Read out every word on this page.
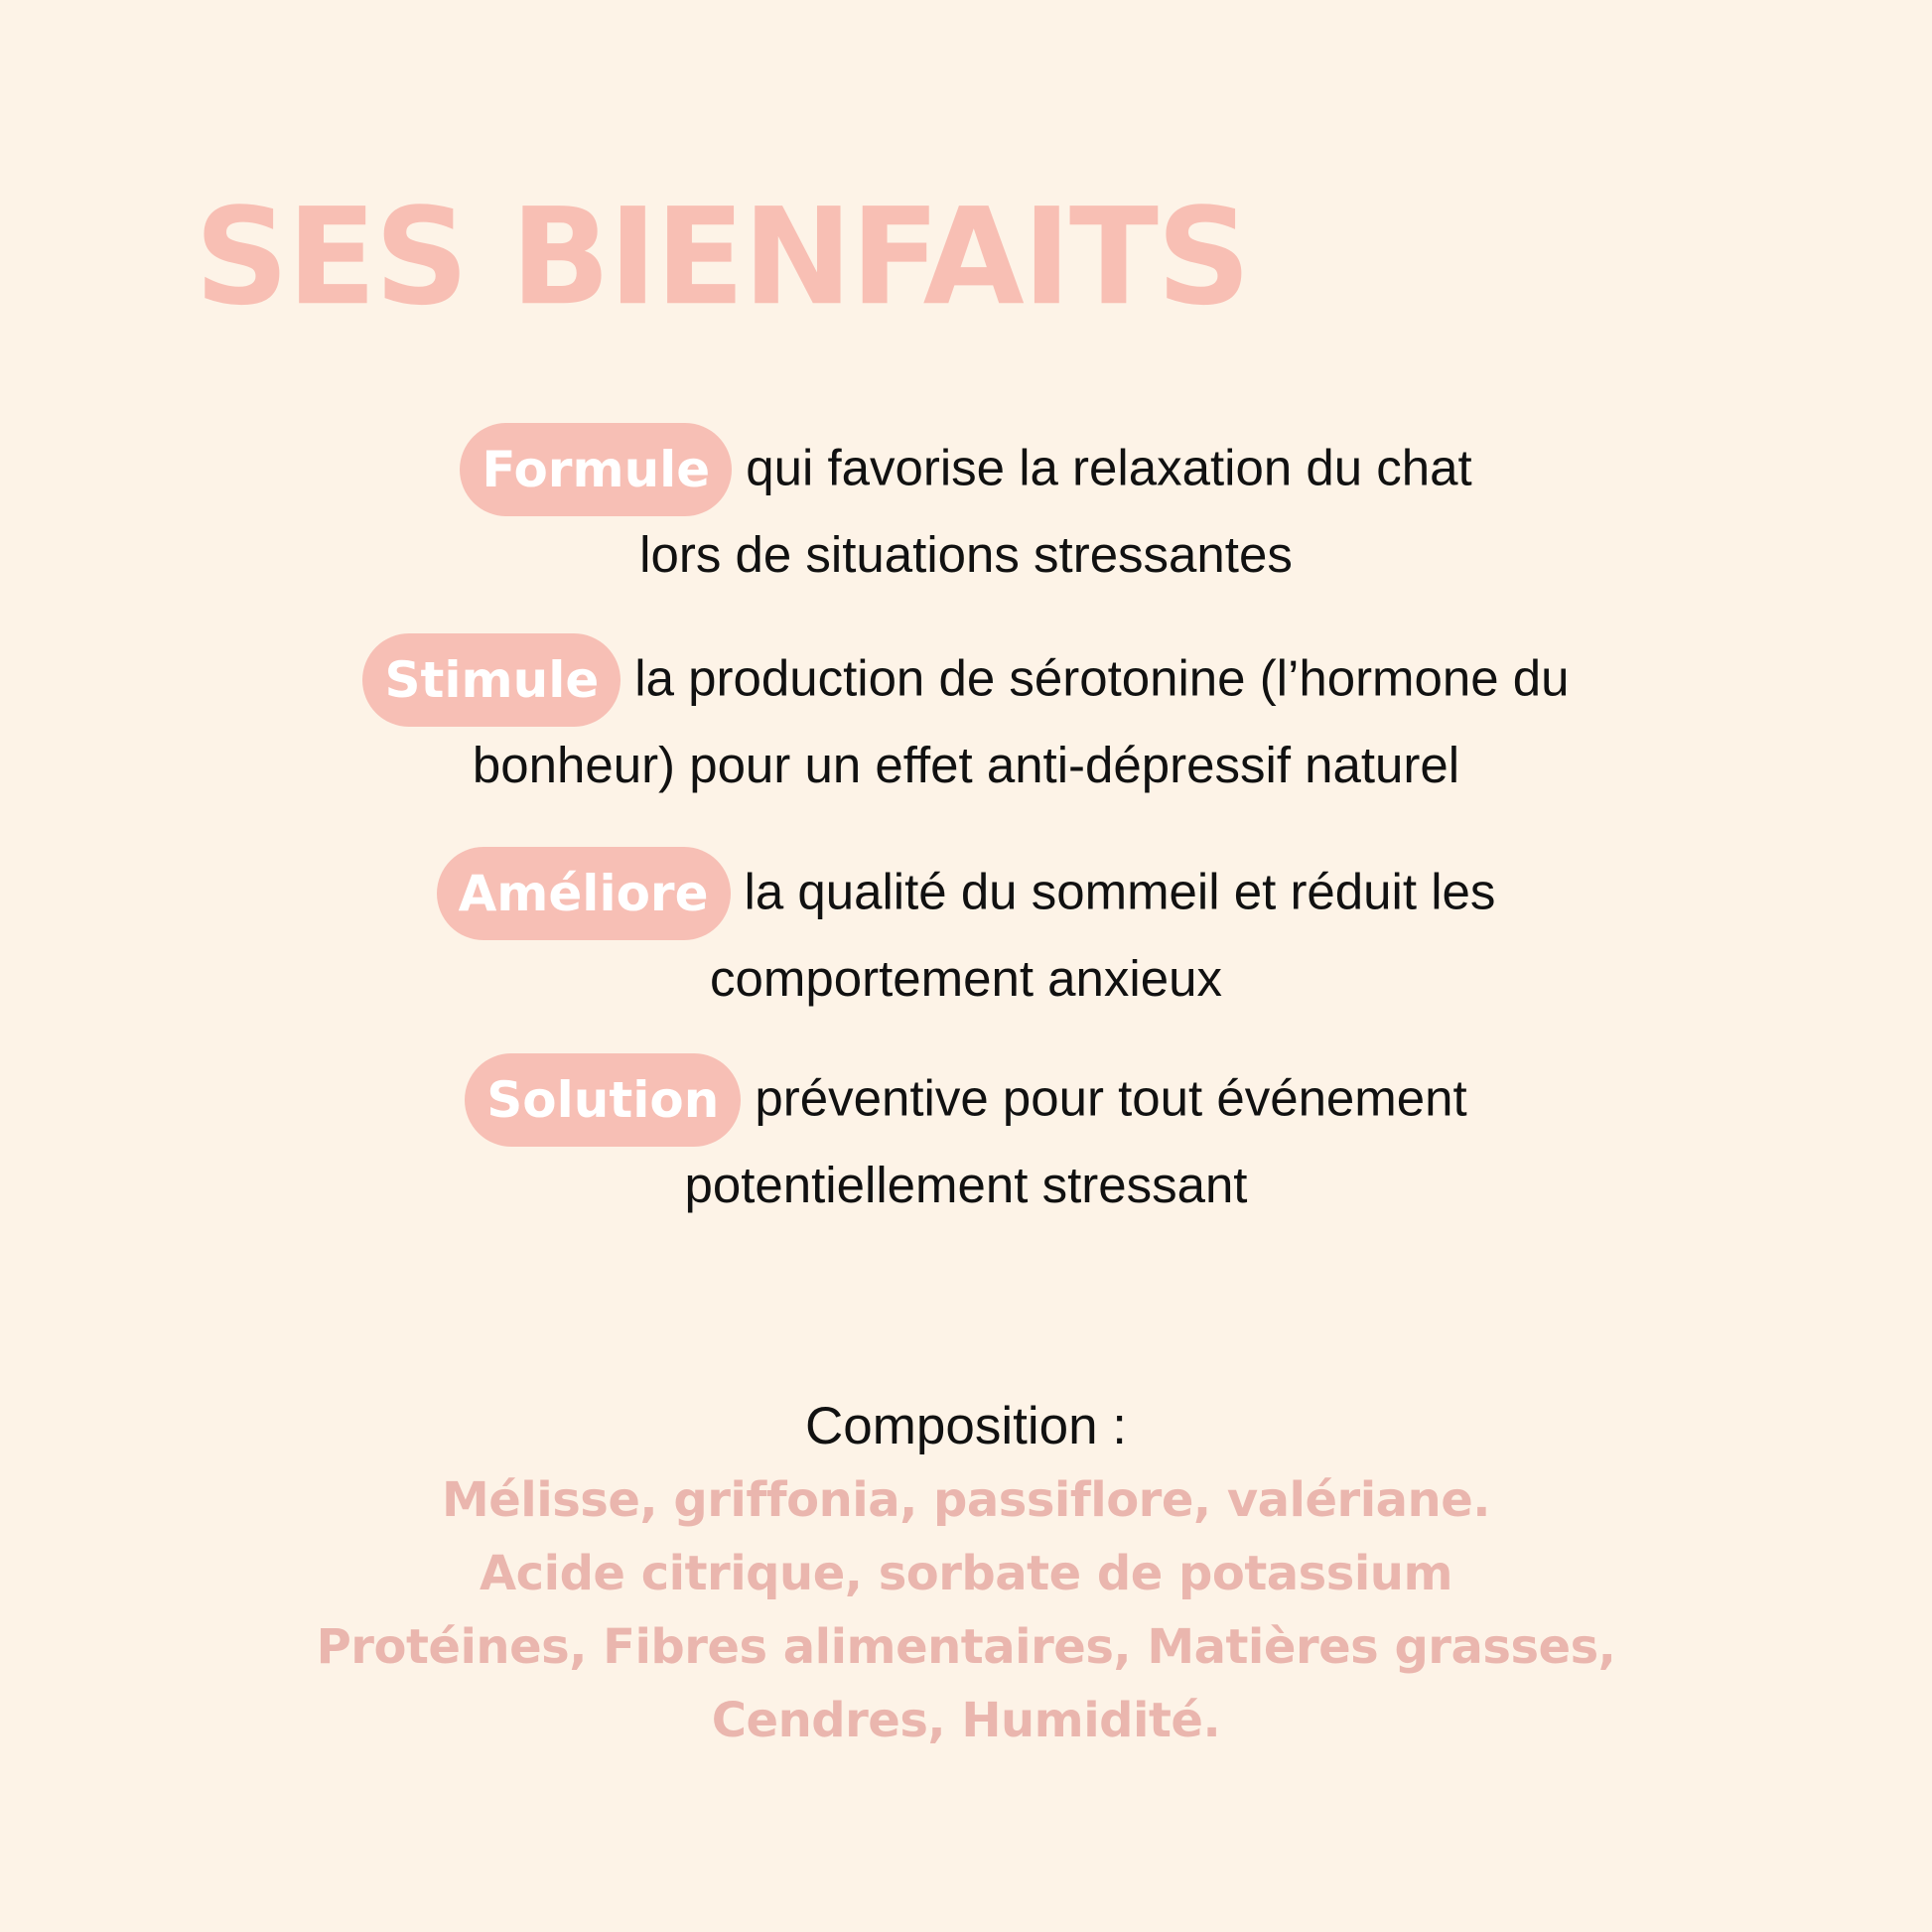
SES BIENFAITS
Formule qui favorise la relaxation du chat
lors de situations stressantes
Stimule la production de sérotonine (l’hormone du
bonheur) pour un effet anti-dépressif naturel
Améliore la qualité du sommeil et réduit les
comportement anxieux
Solution préventive pour tout événement
potentiellement stressant
Composition :
Mélisse, griffonia, passiflore, valériane.
Acide citrique, sorbate de potassium
Protéines, Fibres alimentaires, Matières grasses,
Cendres, Humidité.
